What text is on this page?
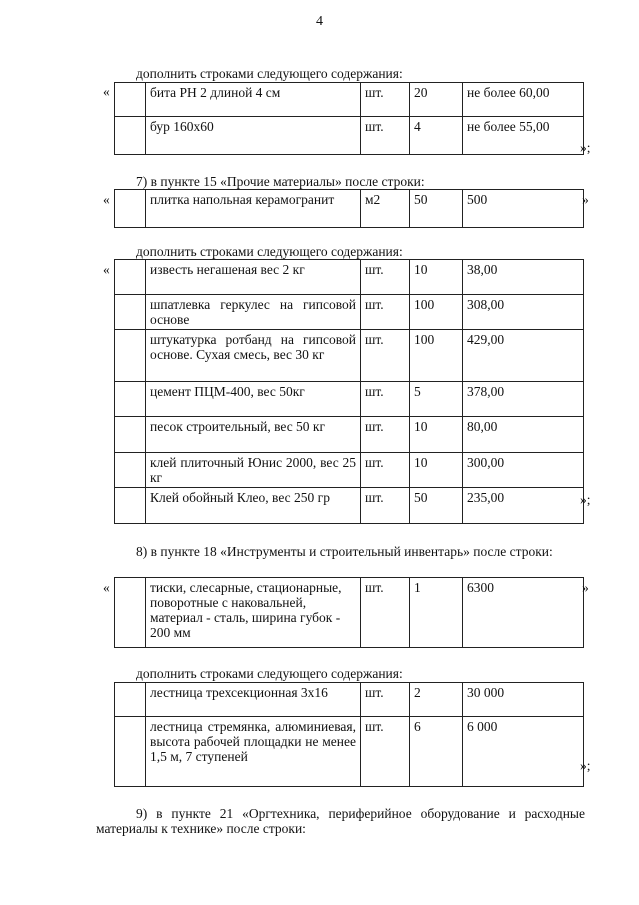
4
дополнить строками следующего содержания:
«
		бита РН 2 длиной 4 см	шт.	20	не более 60,00
	бур 160х60	шт.	4	не более 55,00
»;
7) в пункте 15 «Прочие материалы» после строки:
«
		плитка напольная керамогранит	м2	50	500	»
дополнить строками следующего содержания:
«
		известь негашеная вес 2 кг	шт.	10	38,00
	шпатлевка геркулес на гипсовой основе	шт.	100	308,00
	штукатурка ротбанд на гипсовой основе. Сухая смесь, вес 30 кг	шт.	100	429,00
	цемент ПЦМ-400, вес 50кг	шт.	5	378,00
	песок строительный, вес 50 кг	шт.	10	80,00
	клей плиточный Юнис 2000, вес 25 кг	шт.	10	300,00
	Клей обойный Клео, вес 250 гр	шт.	50	235,00	»;
8) в пункте 18 «Инструменты и строительный инвентарь» после строки:
«
		тиски, слесарные, стационарные, поворотные с наковальней, материал - сталь, ширина губок - 200 мм	шт.	1	6300	»
дополнить строками следующего содержания:
	лестница трехсекционная 3х16	шт.	2	30 000
	лестница стремянка, алюминиевая, высота рабочей площадки не менее 1,5 м, 7 ступеней	шт.	6	6 000
»;
9) в пункте 21 «Оргтехника, периферийное оборудование и расходные материалы к технике» после строки:
